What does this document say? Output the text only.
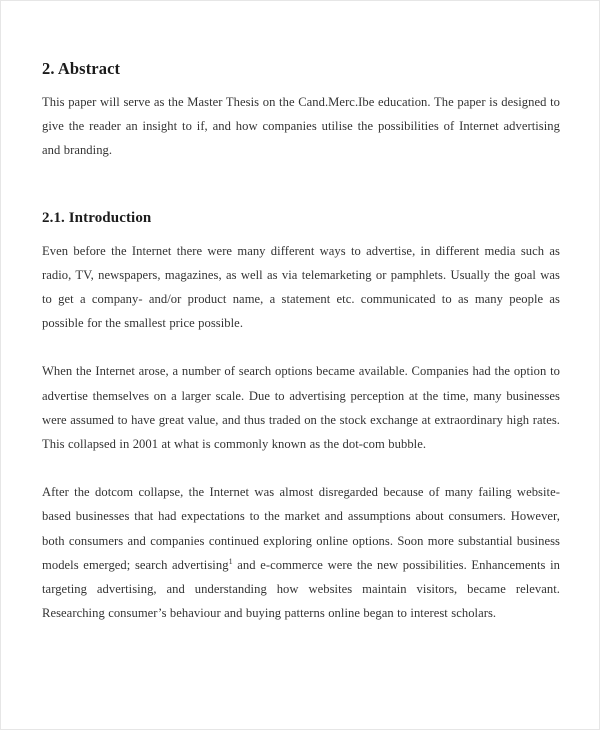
2. Abstract

This paper will serve as the Master Thesis on the Cand.Merc.Ibe education. The paper is designed to give the reader an insight to if, and how companies utilise the possibilities of Internet advertising and branding.

2.1. Introduction

Even before the Internet there were many different ways to advertise, in different media such as radio, TV, newspapers, magazines, as well as via telemarketing or pamphlets. Usually the goal was to get a company- and/or product name, a statement etc. communicated to as many people as possible for the smallest price possible.

When the Internet arose, a number of search options became available. Companies had the option to advertise themselves on a larger scale. Due to advertising perception at the time, many businesses were assumed to have great value, and thus traded on the stock exchange at extraordinary high rates. This collapsed in 2001 at what is commonly known as the dot-com bubble.

After the dotcom collapse, the Internet was almost disregarded because of many failing website-based businesses that had expectations to the market and assumptions about consumers. However, both consumers and companies continued exploring online options. Soon more substantial business models emerged; search advertising$^1$ and e-commerce were the new possibilities. Enhancements in targeting advertising, and understanding how websites maintain visitors, became relevant. Researching consumer’s behaviour and buying patterns online began to interest scholars.
